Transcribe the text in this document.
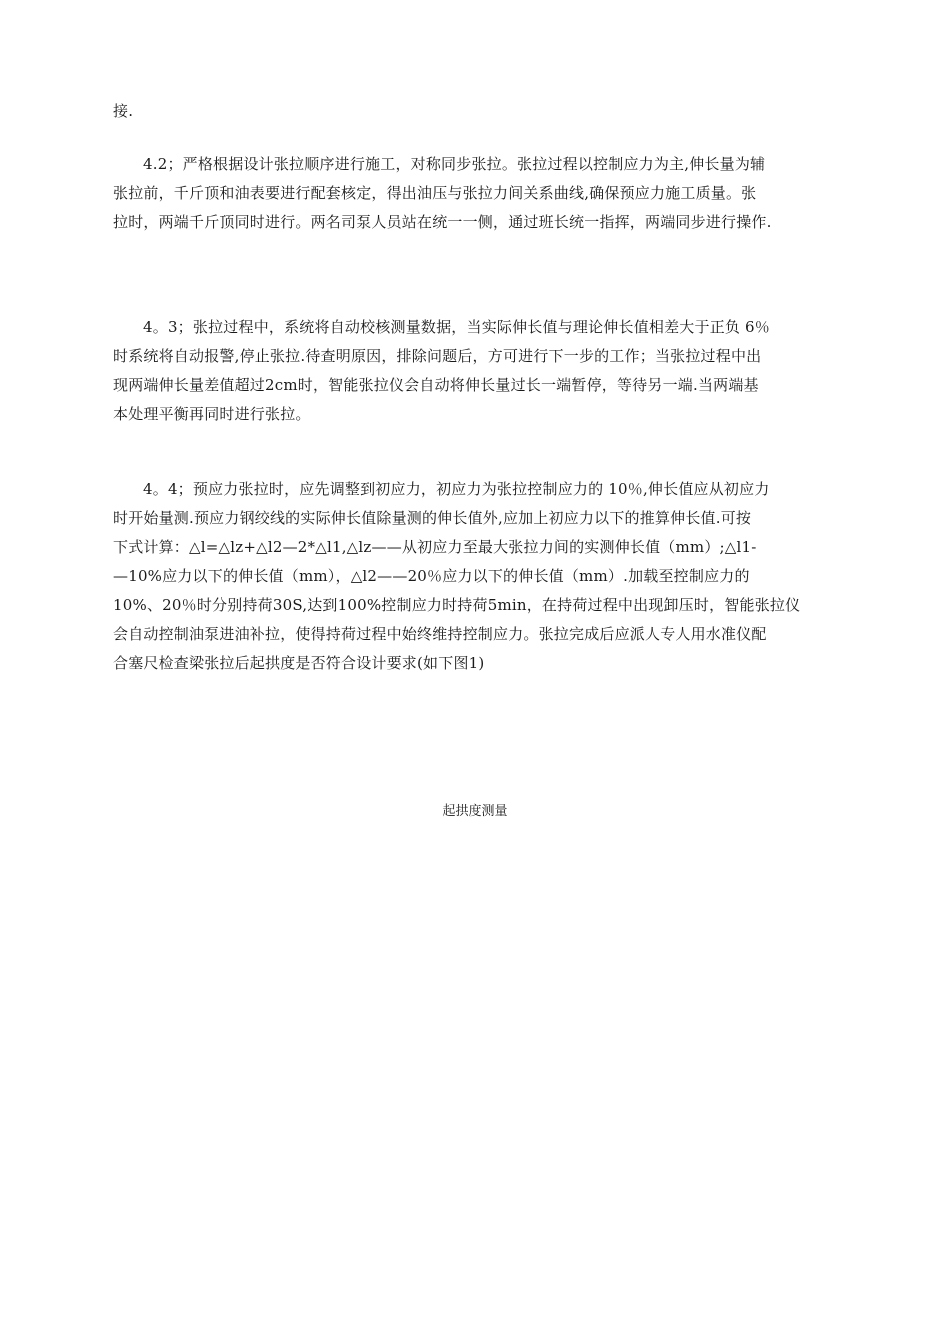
接.
4.2；严格根据设计张拉顺序进行施工，对称同步张拉。张拉过程以控制应力为主,伸长量为辅
张拉前，千斤顶和油表要进行配套核定，得出油压与张拉力间关系曲线,确保预应力施工质量。张
拉时，两端千斤顶同时进行。两名司泵人员站在统一一侧，通过班长统一指挥，两端同步进行操作.
4。3；张拉过程中，系统将自动校核测量数据，当实际伸长值与理论伸长值相差大于正负 6％
时系统将自动报警,停止张拉.待查明原因，排除问题后，方可进行下一步的工作；当张拉过程中出
现两端伸长量差值超过2cm时，智能张拉仪会自动将伸长量过长一端暂停，等待另一端.当两端基
本处理平衡再同时进行张拉。
4。4；预应力张拉时，应先调整到初应力，初应力为张拉控制应力的 10％,伸长值应从初应力
时开始量测.预应力钢绞线的实际伸长值除量测的伸长值外,应加上初应力以下的推算伸长值.可按
下式计算：△l=△lz+△l2—2*△l1,△lz——从初应力至最大张拉力间的实测伸长值（mm）;△l1-
—10%应力以下的伸长值（mm），△l2——20％应力以下的伸长值（mm）.加载至控制应力的
10%、20％时分别持荷30S,达到100%控制应力时持荷5min，在持荷过程中出现卸压时，智能张拉仪
会自动控制油泵进油补拉，使得持荷过程中始终维持控制应力。张拉完成后应派人专人用水准仪配
合塞尺检查梁张拉后起拱度是否符合设计要求(如下图1)
起拱度测量
